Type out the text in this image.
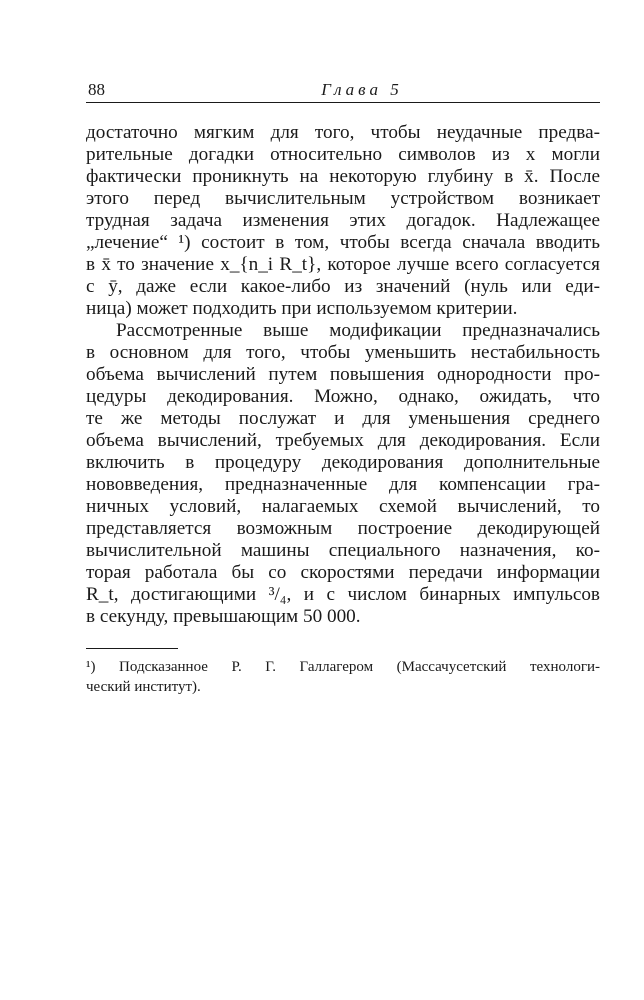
88	Глава 5
достаточно мягким для того, чтобы неудачные предва-
рительные догадки относительно символов из x могли
фактически проникнуть на некоторую глубину в x̄. После
этого перед вычислительным устройством возникает
трудная задача изменения этих догадок. Надлежащее
„лечение“ ¹) состоит в том, чтобы всегда сначала вводить
в x̄ то значение x_{n_i R_t}, которое лучше всего согласуется
с ȳ, даже если какое-либо из значений (нуль или еди-
ница) может подходить при используемом критерии.
Рассмотренные выше модификации предназначались
в основном для того, чтобы уменьшить нестабильность
объема вычислений путем повышения однородности про-
цедуры декодирования. Можно, однако, ожидать, что
те же методы послужат и для уменьшения среднего
объема вычислений, требуемых для декодирования. Если
включить в процедуру декодирования дополнительные
нововведения, предназначенные для компенсации гра-
ничных условий, налагаемых схемой вычислений, то
представляется возможным построение декодирующей
вычислительной машины специального назначения, ко-
торая работала бы со скоростями передачи информации
R_t, достигающими ³/₄, и с числом бинарных импульсов
в секунду, превышающим 50 000.
¹) Подсказанное Р. Г. Галлагером (Массачусетский технологи-
ческий институт).
